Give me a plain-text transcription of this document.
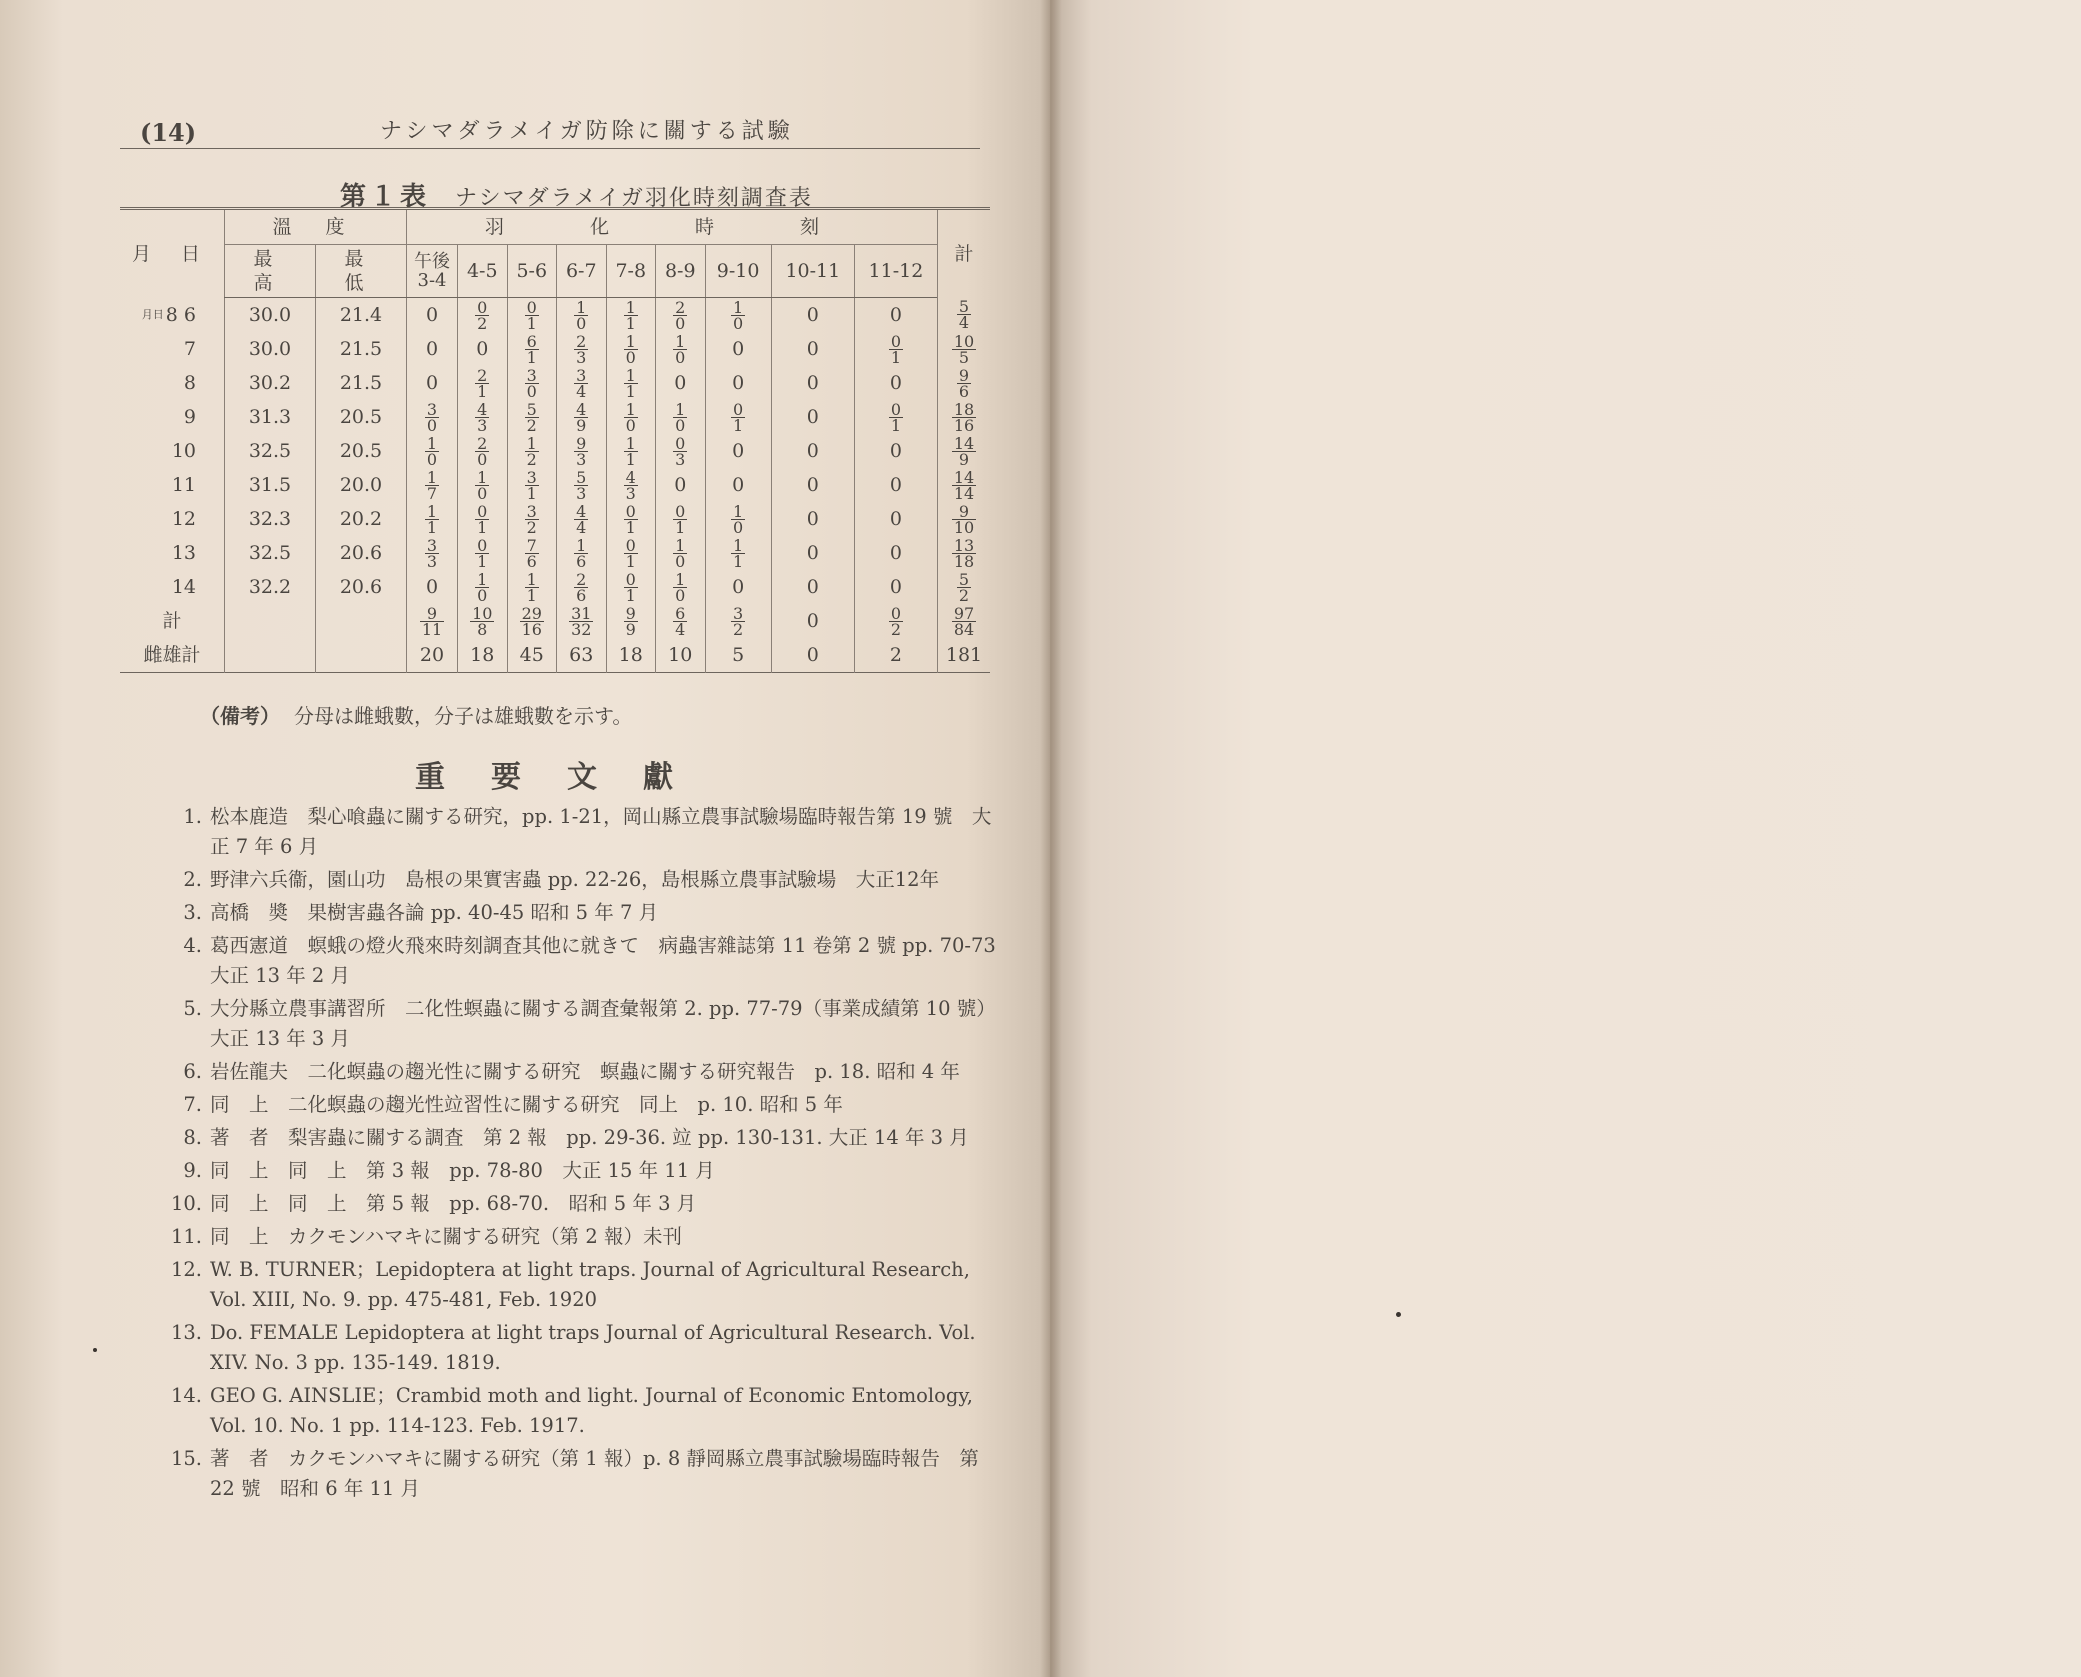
(14)	ナシマダラメイガ防除に關する試驗
第１表 ナシマダラメイガ羽化時刻調査表
月 日	溫 度		羽 化 時 刻									計
	最 高	最 低	午後 3-4	4-5	5-6	6-7	7-8	8-9	9-10	10-11	11-12	
$^{月日}$ 8 6	30.0	21.4	0	$\frac{0}{2}$	$\frac{0}{1}$	$\frac{1}{0}$	$\frac{1}{1}$	$\frac{2}{0}$	$\frac{1}{0}$	0	0	$\frac{5}{4}$

7	30.0	21.5	0	0	$\frac{6}{1}$	$\frac{2}{3}$	$\frac{1}{0}$	$\frac{1}{0}$	0	0	$\frac{0}{1}$	$\frac{10}{5}$

8	30.2	21.5	0	$\frac{2}{1}$	$\frac{3}{0}$	$\frac{3}{4}$	$\frac{1}{1}$	0	0	0	0	$\frac{9}{6}$

9	31.3	20.5	$\frac{3}{0}$	$\frac{4}{3}$	$\frac{5}{2}$	$\frac{4}{9}$	$\frac{1}{0}$	$\frac{1}{0}$	$\frac{0}{1}$	0	$\frac{0}{1}$	$\frac{18}{16}$

10	32.5	20.5	$\frac{1}{0}$	$\frac{2}{0}$	$\frac{1}{2}$	$\frac{9}{3}$	$\frac{1}{1}$	$\frac{0}{3}$	0	0	0	$\frac{14}{9}$

11	31.5	20.0	$\frac{1}{7}$	$\frac{1}{0}$	$\frac{3}{1}$	$\frac{5}{3}$	$\frac{4}{3}$	0	0	0	0	$\frac{14}{14}$

12	32.3	20.2	$\frac{1}{1}$	$\frac{0}{1}$	$\frac{3}{2}$	$\frac{4}{4}$	$\frac{0}{1}$	$\frac{0}{1}$	$\frac{1}{0}$	0	0	$\frac{9}{10}$

13	32.5	20.6	$\frac{3}{3}$	$\frac{0}{1}$	$\frac{7}{6}$	$\frac{1}{6}$	$\frac{0}{1}$	$\frac{1}{0}$	$\frac{1}{1}$	0	0	$\frac{13}{18}$

14	32.2	20.6	0	$\frac{1}{0}$	$\frac{1}{1}$	$\frac{2}{6}$	$\frac{0}{1}$	$\frac{1}{0}$	0	0	0	$\frac{5}{2}$

計			$\frac{9}{11}$	$\frac{10}{8}$	$\frac{29}{16}$	$\frac{31}{32}$	$\frac{9}{9}$	$\frac{6}{4}$	$\frac{3}{2}$	0	$\frac{0}{2}$	$\frac{97}{84}$

雌雄計			20	18	45	63	18	10	5	0	2	181
（備考） 分母は雌蛾數，分子は雄蛾數を示す。
重要文獻
1. 松本鹿造　梨心喰蟲に關する研究，pp. 1-21，岡山縣立農事試驗場臨時報告第 19 號　大正 7 年 6 月
2. 野津六兵衞，園山功　島根の果實害蟲 pp. 22-26，島根縣立農事試驗場　大正12年
3. 高橋　奬　果樹害蟲各論 pp. 40-45 昭和 5 年 7 月
4. 葛西憲道　螟蛾の燈火飛來時刻調査其他に就きて　病蟲害雜誌第 11 卷第 2 號 pp. 70-73　大正 13 年 2 月
5. 大分縣立農事講習所　二化性螟蟲に關する調査彙報第 2. pp. 77-79（事業成績第 10 號）大正 13 年 3 月
6. 岩佐龍夫　二化螟蟲の趨光性に關する研究　螟蟲に關する研究報告　p. 18. 昭和 4 年
7. 同　上　二化螟蟲の趨光性竝習性に關する研究　同上　p. 10. 昭和 5 年
8. 著　者　梨害蟲に關する調査　第 2 報　pp. 29-36. 竝 pp. 130-131. 大正 14 年 3 月
9. 同　上　同　上　第 3 報　pp. 78-80　大正 15 年 11 月
10. 同　上　同　上　第 5 報　pp. 68-70.　昭和 5 年 3 月
11. 同　上　カクモンハマキに關する研究（第 2 報）未刊
12. W. B. TURNER；Lepidoptera at light traps. Journal of Agricultural Research, Vol. XIII, No. 9. pp. 475-481, Feb. 1920
13. Do. FEMALE Lepidoptera at light traps Journal of Agricultural Research. Vol. XIV. No. 3 pp. 135-149. 1819.
14. GEO G. AINSLIE；Crambid moth and light. Journal of Economic Entomology, Vol. 10. No. 1 pp. 114-123. Feb. 1917.
15. 著　者　カクモンハマキに關する研究（第 1 報）p. 8 靜岡縣立農事試驗場臨時報告　第 22 號　昭和 6 年 11 月
